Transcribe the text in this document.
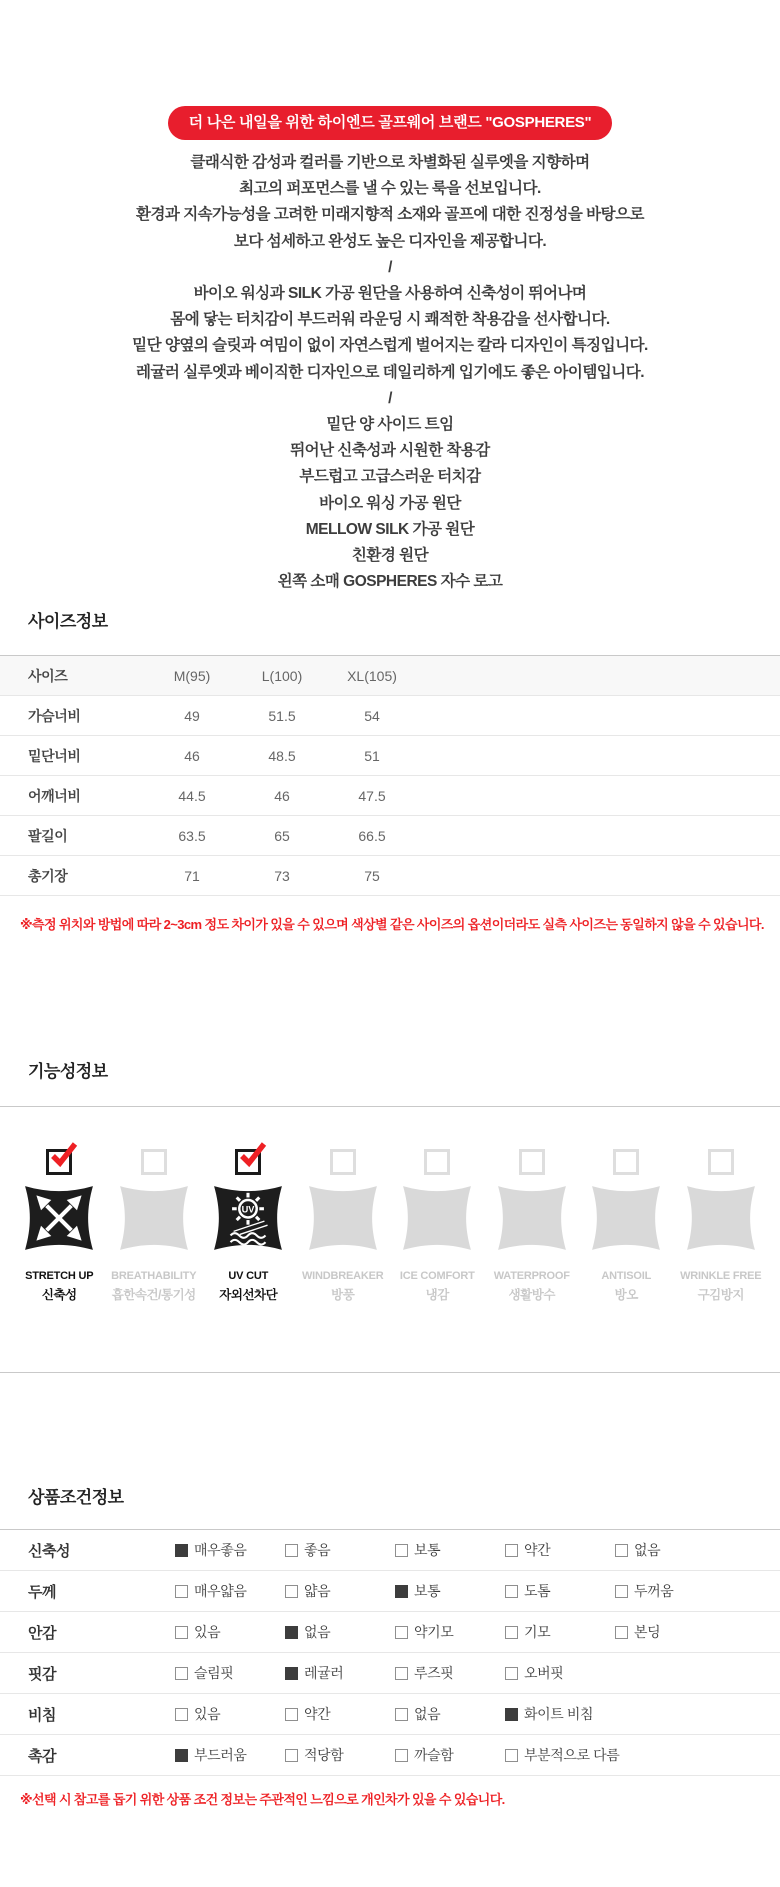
더 나은 내일을 위한 하이엔드 골프웨어 브랜드 "GOSPHERES"
클래식한 감성과 컬러를 기반으로 차별화된 실루엣을 지향하며
최고의 퍼포먼스를 낼 수 있는 룩을 선보입니다.
환경과 지속가능성을 고려한 미래지향적 소재와 골프에 대한 진정성을 바탕으로
보다 섬세하고 완성도 높은 디자인을 제공합니다.
/
바이오 워싱과 SILK 가공 원단을 사용하여 신축성이 뛰어나며
몸에 닿는 터치감이 부드러워 라운딩 시 쾌적한 착용감을 선사합니다.
밑단 양옆의 슬릿과 여밈이 없이 자연스럽게 벌어지는 칼라 디자인이 특징입니다.
레귤러 실루엣과 베이직한 디자인으로 데일리하게 입기에도 좋은 아이템입니다.
/
밑단 양 사이드 트임
뛰어난 신축성과 시원한 착용감
부드럽고 고급스러운 터치감
바이오 워싱 가공 원단
MELLOW SILK 가공 원단
친환경 원단
왼쪽 소매 GOSPHERES 자수 로고
사이즈정보
사이즈	M(95)	L(100)	XL(105)
가슴너비	49	51.5	54
밑단너비	46	48.5	51
어깨너비	44.5	46	47.5
팔길이	63.5	65	66.5
총기장	71	73	75

※측정 위치와 방법에 따라 2~3cm 정도 차이가 있을 수 있으며 색상별 같은 사이즈의 옵션이더라도 실측 사이즈는 동일하지 않을 수 있습니다.

기능성정보
STRETCH UP
신축성
BREATHABILITY
흡한속건/통기성
UV
UV CUT
자외선차단
WINDBREAKER
방풍
ICE COMFORT
냉감
WATERPROOF
생활방수
ANTISOIL
방오
WRINKLE FREE
구김방지
상품조건정보
신축성	매우좋음	좋음	보통	약간	없음
두께	매우얇음	얇음	보통	도톰	두꺼움
안감	있음	없음	약기모	기모	본딩
핏감	슬림핏	레귤러	루즈핏	오버핏
비침	있음	약간	없음	화이트 비침
촉감	부드러움	적당함	까슬함	부분적으로 다름

※선택 시 참고를 돕기 위한 상품 조건 정보는 주관적인 느낌으로 개인차가 있을 수 있습니다.
